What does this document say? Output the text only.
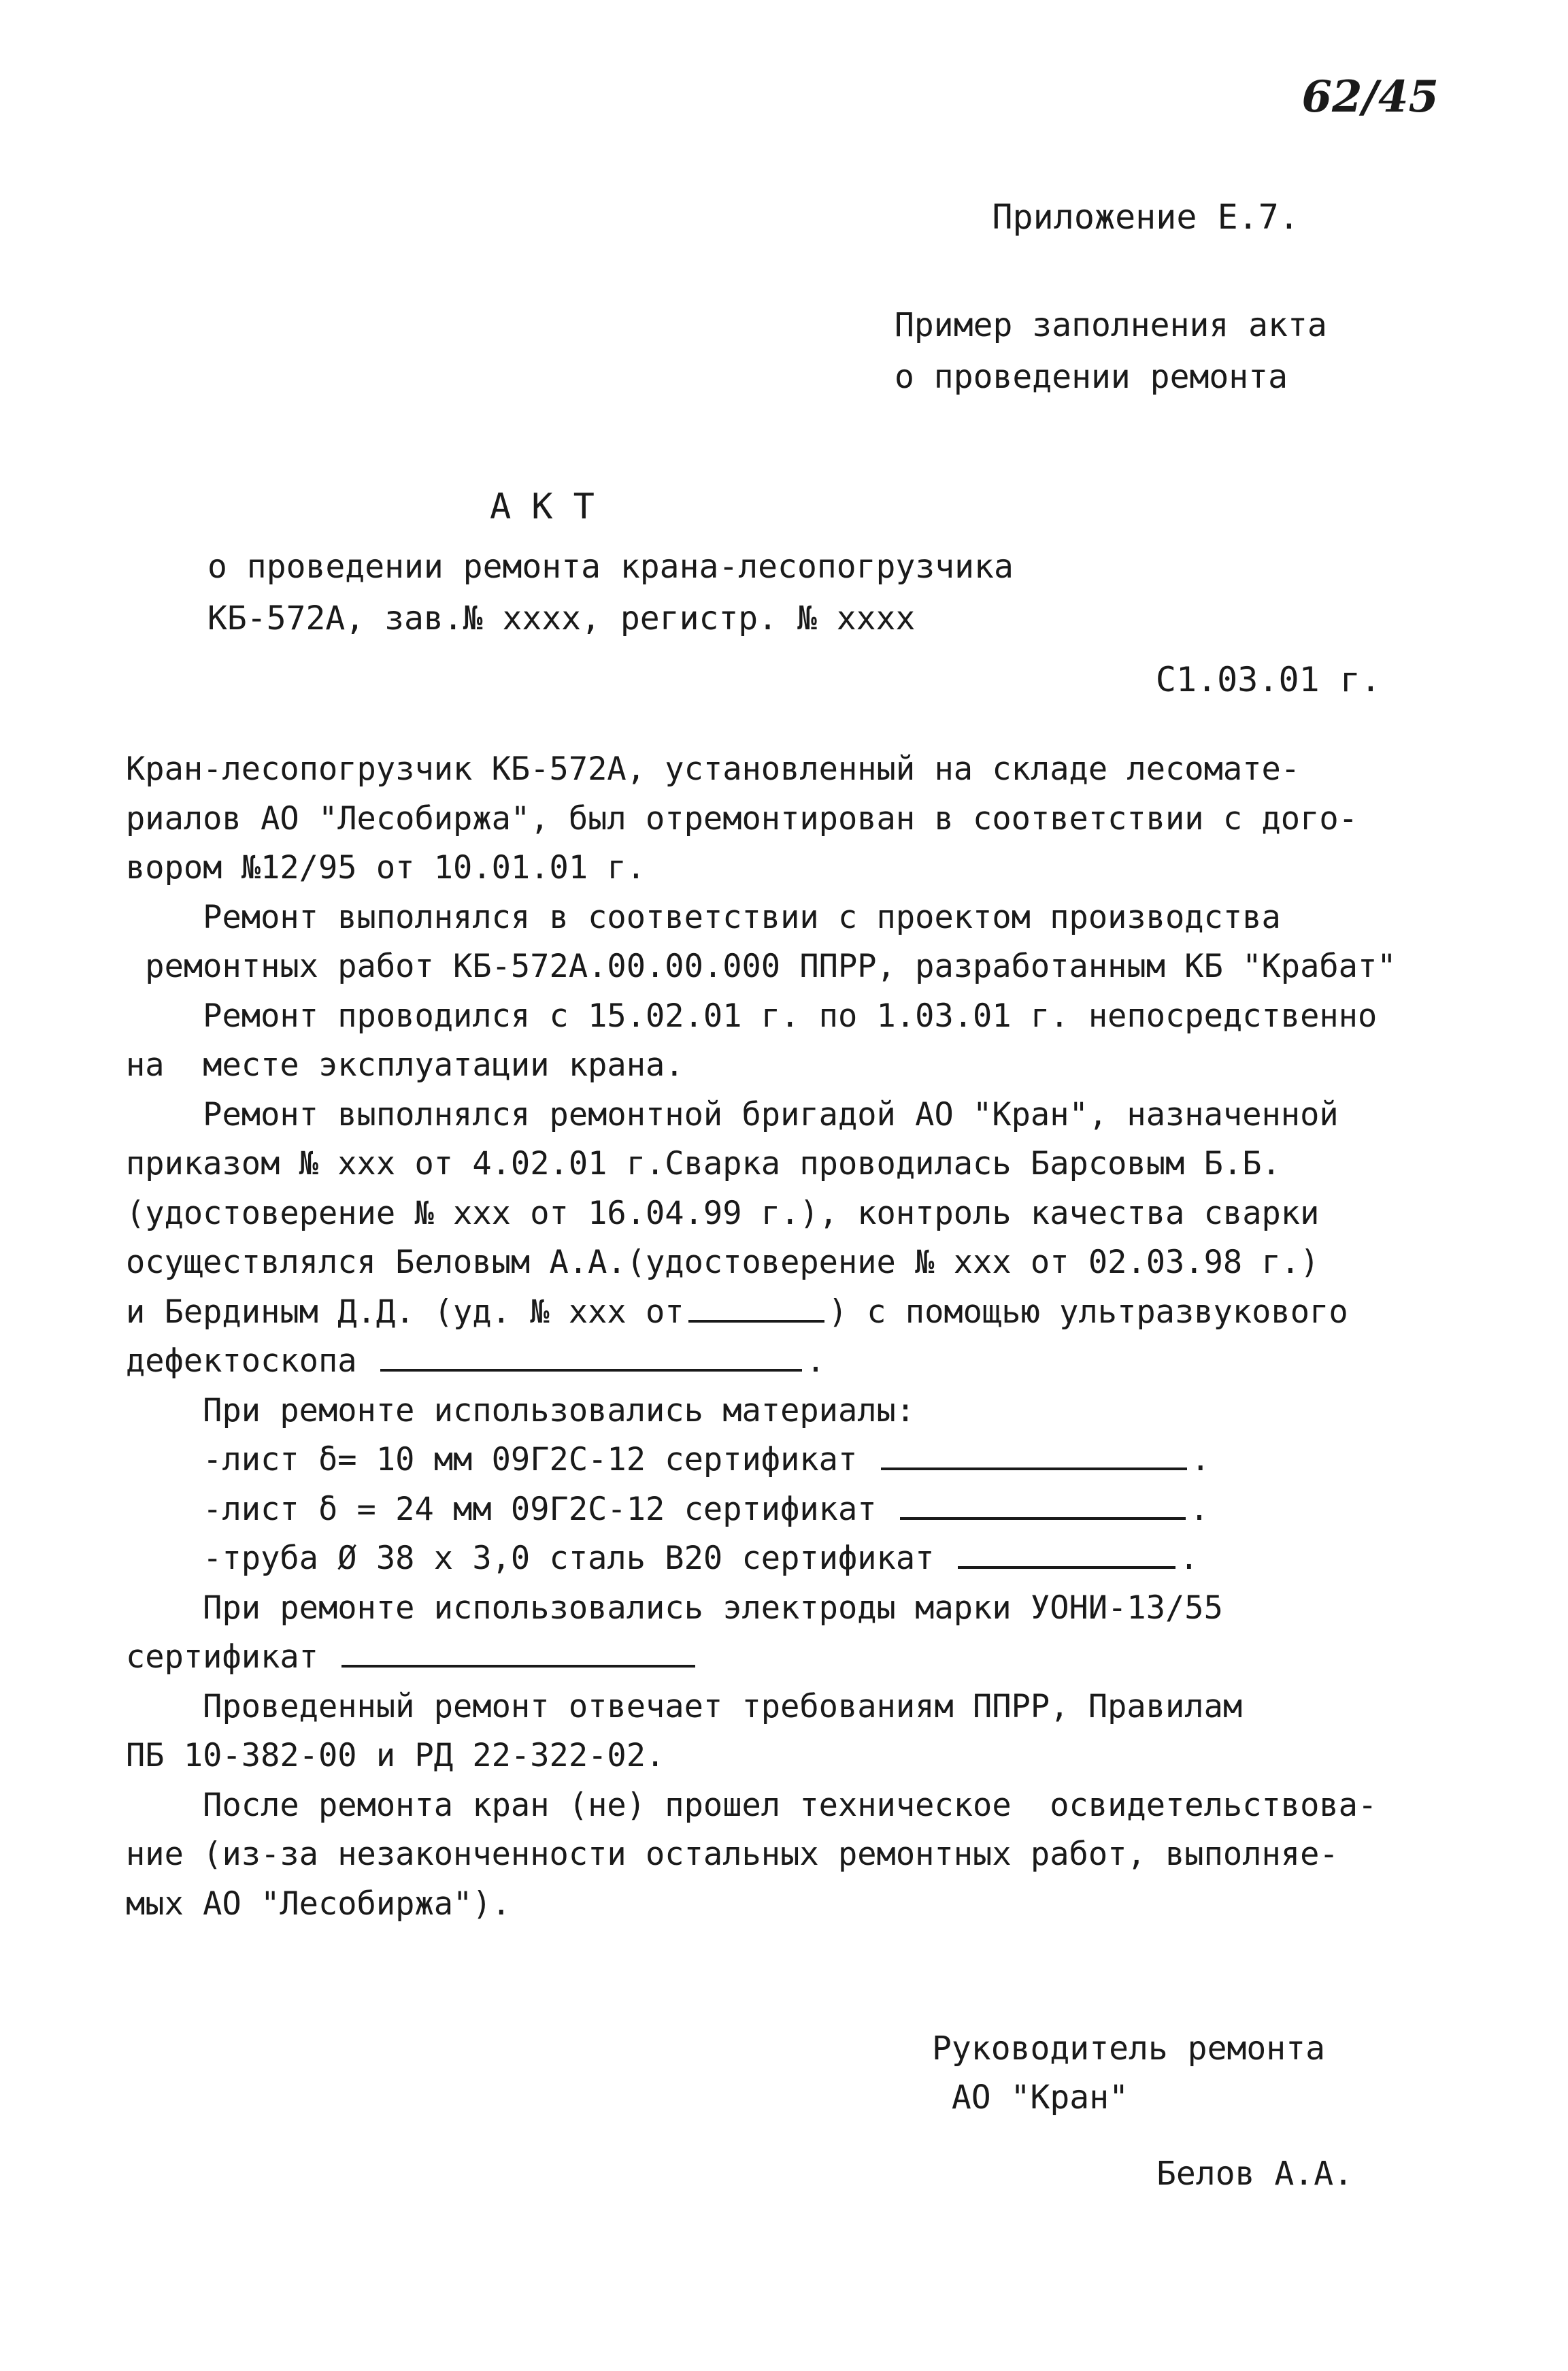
62/45
Приложение Е.7.
Пример заполнения акта
о проведении ремонта
АКТ
о проведении ремонта крана-лесопогрузчика
КБ-572А, зав.№ хххх, регистр. № хххх
С1.03.01 г.
Кран-лесопогрузчик КБ-572А, установленный на складе лесомате-
риалов АО "Лесобиржа", был отремонтирован в соответствии с дого-
вором №12/95 от 10.01.01 г.
Ремонт выполнялся в соответствии с проектом производства
ремонтных работ КБ-572А.00.00.000 ППРР, разработанным КБ "Крабат"
Ремонт проводился с 15.02.01 г. по 1.03.01 г. непосредственно
на  месте эксплуатации крана.
Ремонт выполнялся ремонтной бригадой АО "Кран", назначенной
приказом № ххх от 4.02.01 г.Сварка проводилась Барсовым Б.Б.
(удостоверение № ххх от 16.04.99 г.), контроль качества сварки
осуществлялся Беловым А.А.(удостоверение № ххх от 02.03.98 г.)
и Бердиным Д.Д. (уд. № ххх от	) с помощью ультразвукового
дефектоскопа	.
При ремонте использовались материалы:
-лист δ= 10 мм 09Г2С-12 сертификат	.
-лист δ = 24 мм 09Г2С-12 сертификат	.
-труба Ø 38 х 3,0 сталь В20 сертификат	.
При ремонте использовались электроды марки УОНИ-13/55
сертификат
Проведенный ремонт отвечает требованиям ППРР, Правилам
ПБ 10-382-00 и РД 22-322-02.
После ремонта кран (не) прошел техническое  освидетельствова-
ние (из-за незаконченности остальных ремонтных работ, выполняе-
мых АО "Лесобиржа").
Руководитель ремонта
АО "Кран"
Белов А.А.
